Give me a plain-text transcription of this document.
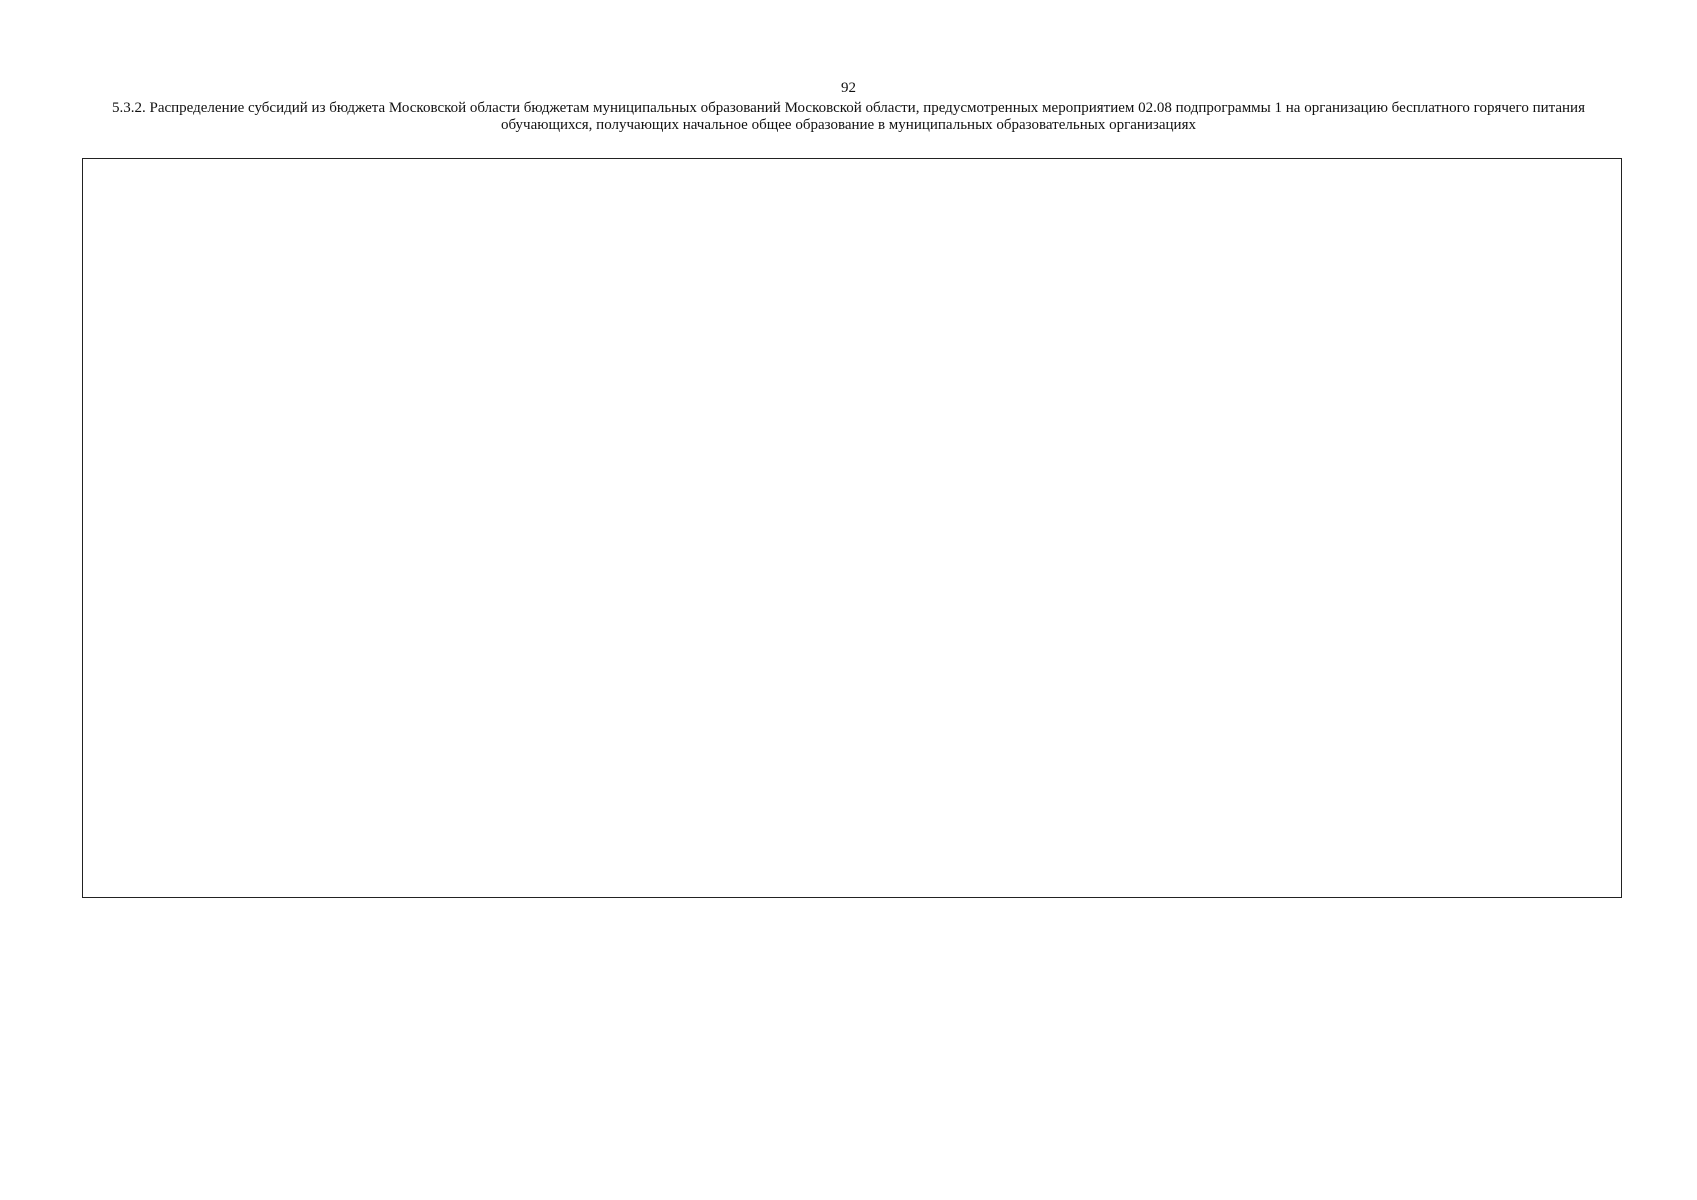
92
5.3.2. Распределение субсидий из бюджета Московской области бюджетам муниципальных образований Московской области, предусмотренных мероприятием 02.08 подпрограммы 1 на организацию бесплатного горячего питания обучающихся, получающих начальное общее образование в муниципальных образовательных организациях
